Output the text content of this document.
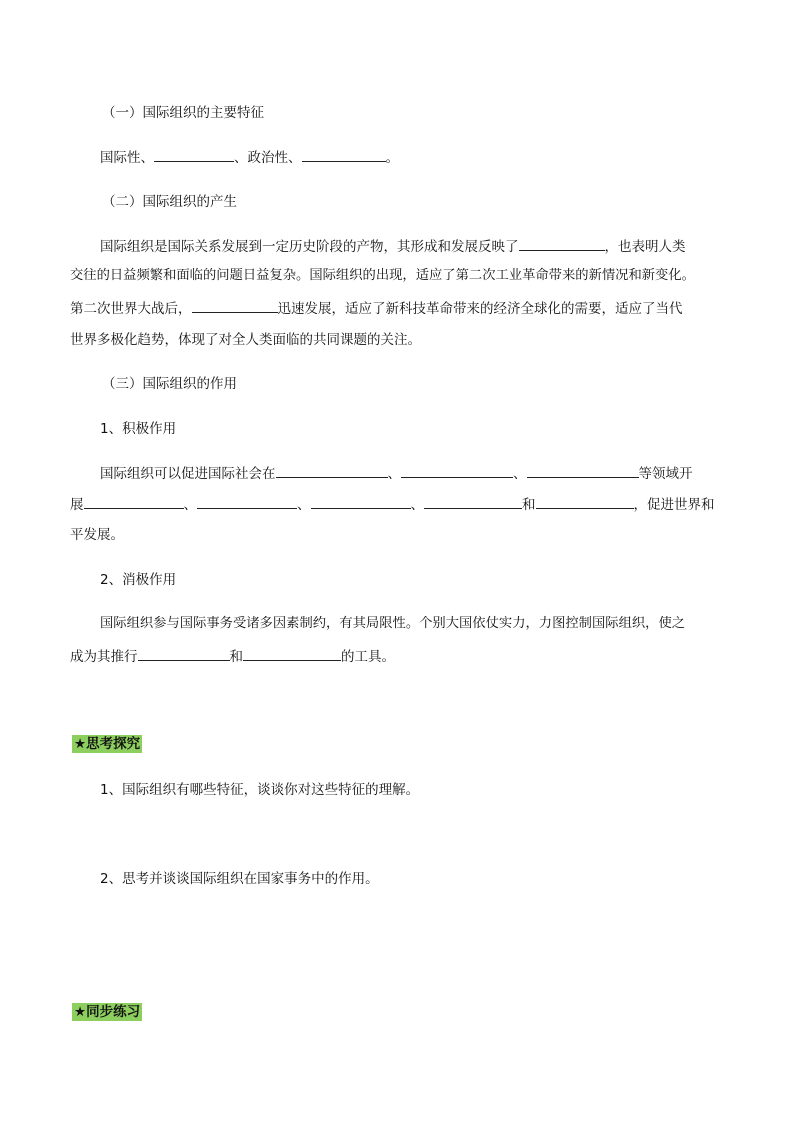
（一）国际组织的主要特征
国际性、	、政治性、	。
（二）国际组织的产生
国际组织是国际关系发展到一定历史阶段的产物，其形成和发展反映了	，也表明人类
交往的日益频繁和面临的问题日益复杂。国际组织的出现，适应了第二次工业革命带来的新情况和新变化。
第二次世界大战后，	迅速发展，适应了新科技革命带来的经济全球化的需要，适应了当代
世界多极化趋势，体现了对全人类面临的共同课题的关注。
（三）国际组织的作用
1、积极作用
国际组织可以促进国际社会在	、	、	等领域开
展	、	、	、	和	，促进世界和
平发展。
2、消极作用
国际组织参与国际事务受诸多因素制约，有其局限性。个别大国依仗实力，力图控制国际组织，使之
成为其推行	和	的工具。
★思考探究
1、国际组织有哪些特征，谈谈你对这些特征的理解。
2、思考并谈谈国际组织在国家事务中的作用。
★同步练习
